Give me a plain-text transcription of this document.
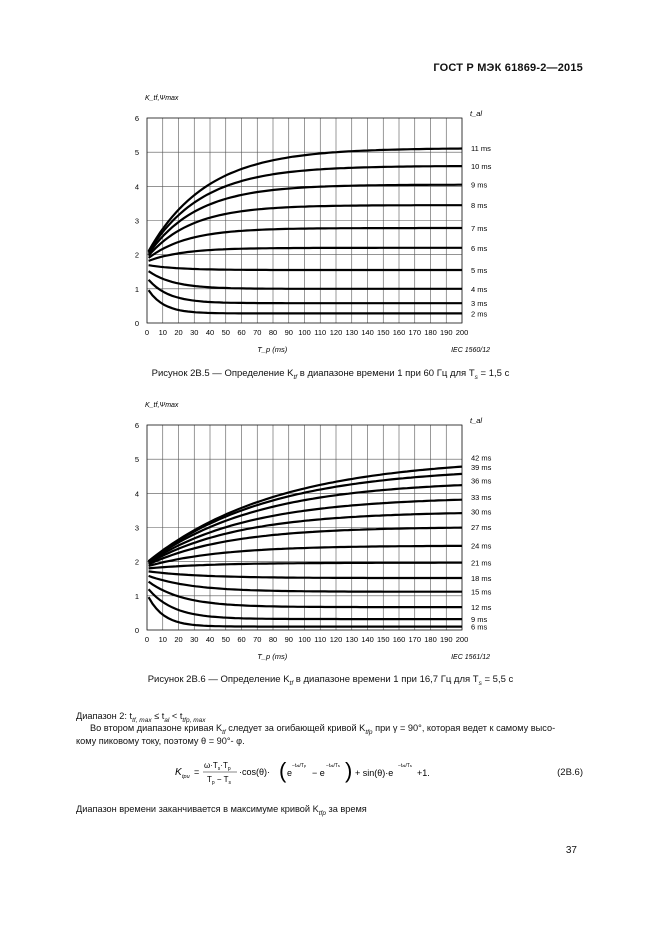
ГОСТ Р МЭК 61869-2—2015
0 10 20 30 40 50 60 70 80 90 100 110 120 130 140 150 160 170 180 190 200
0
1
2
3
4
5
6
K_tf,Ψmax
t_al
T_p (ms)	IEC 1560/12
2 ms
3 ms
4 ms
5 ms
6 ms
7 ms
8 ms
9 ms
10 ms
11 ms
Рисунок 2В.5 — Определение $K_{tf}$ в диапазоне времени 1 при 60 Гц для $T_s = 1,5$ с
0 10 20 30 40 50 60 70 80 90 100 110 120 130 140 150 160 170 180 190 200
0
1
2
3
4
5
6
K_tf,Ψmax
t_al
T_p (ms)	IEC 1561/12
6 ms
9 ms
12 ms
15 ms
18 ms
21 ms
24 ms
27 ms
30 ms
33 ms
36 ms
39 ms
42 ms
Рисунок 2В.6 — Определение $K_{tf}$ в диапазоне времени 1 при 16,7 Гц для $T_s = 5,5$ с
Диапазон 2: $t_{tf, max} \le t_{al} < t_{tfp, max}$
Во втором диапазоне кривая $K_{tf}$ следует за огибающей кривой $K_{tfp}$ при γ = 90°, которая ведет к самому высо-
кому пиковому току, поэтому θ = 90°- φ.
K tpu =
$\omega\cdot T_s\cdot T_p$
$T_p - T_s$
·cos(θ)· ( e
−tal/Tp
− e
−tal/Ts ) + sin(θ)·e
−tal/Ts
+1.	(2В.6)
Диапазон времени заканчивается в максимуме кривой $K_{tfp}$ за время
37
